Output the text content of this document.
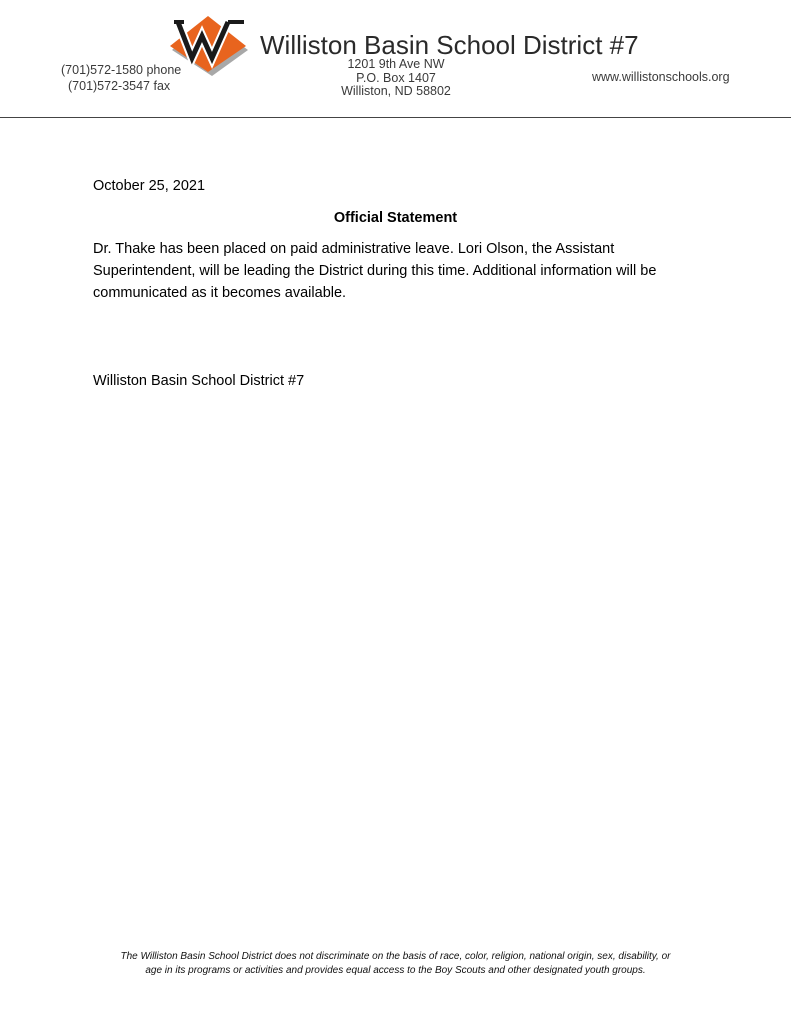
Williston Basin School District #7
(701)572-1580 phone
(701)572-3547 fax
1201 9th Ave NW
P.O. Box 1407
Williston, ND 58802
www.willistonschools.org
October 25, 2021
Official Statement
Dr. Thake has been placed on paid administrative leave. Lori Olson, the Assistant
Superintendent, will be leading the District during this time. Additional information will be
communicated as it becomes available.
Williston Basin School District #7
The Williston Basin School District does not discriminate on the basis of race, color, religion, national origin, sex, disability, or
age in its programs or activities and provides equal access to the Boy Scouts and other designated youth groups.
